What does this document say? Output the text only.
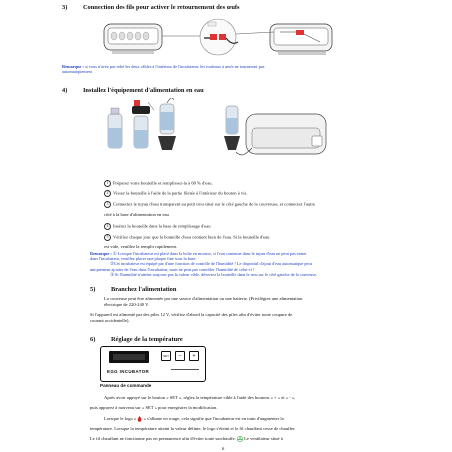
3) Connection des fils pour activer le retournement des œufs
Remarque : si vous n'avez pas relié les deux câbles à l'intérieur de l'incubateur, les rouleaux à œufs ne tourneront pas
automatiquement
4) Installez l'équipement d'alimentation en eau
1 Préparez votre bouteille et remplissez-la à 60 % d'eau.
2 Vissez la bouteille à l'aide de la partie filetée à l'intérieur du bouton à vis.
3 Connectez le tuyau d'eau transparent au petit trou situé sur le côté gauche de la couvreuse, et connectez l'autre
côté à la base d'alimentation en eau
4 Insérez la bouteille dans la base de remplissage d'eau
5 Vérifiez chaque jour que la bouteille d'eau contient bien de l'eau. Si la bouteille d'eau
est vide, veuillez la remplir rapidement.
Remarque : ① Lorsque l'incubateur est placé dans la boîte en mousse, si l'eau contenue dans le tuyau d'eau ne peut pas entrer
dans l'incubateur, veuillez placer une plaque fine sous la base.
②Cet incubateur est équipé par d'une fonction de contrôle de l'humidité ! Le dispositif d'ajout d'eau automatique peut
uniquement ajouter de l'eau dans l'incubateur, mais ne peut pas contrôler l'humidité de celui-ci !
③ Si l'humidité n'atteint toujours pas la valeur cible, déversez la bouteille dans le trou sur le côté gauche de la couveuse.
5) Branchez l'alimentation
La couveuse peut être alimentée par une source d'alimentation ou une batterie. (Privilégiez une alimentation
électrique de 220-240 V.
Si l'appareil est alimenté par des piles 12 V, vérifiez d'abord la capacité des piles afin d'éviter toute coupure de
courant accidentelle).
6) Réglage de la température
SET	−	+
EGG INCUBATOR
Panneau de commande
Après avoir appuyé sur le bouton « SET », réglez la température cible à l'aide des boutons « + » et « - »,
puis appuyez à nouveau sur « SET » pour enregistrer la modification.
Lorsque le logo « » s'allume en rouge, cela signifie que l'incubateur est en train d'augmenter la
température. Lorsque la température atteint la valeur définie, le logo s'éteint et le fil chauffant cesse de chauffer.
Le fil chauffant ne fonctionne pas en permanence afin d'éviter toute surchauffe. Le ventilateur situé à
6
